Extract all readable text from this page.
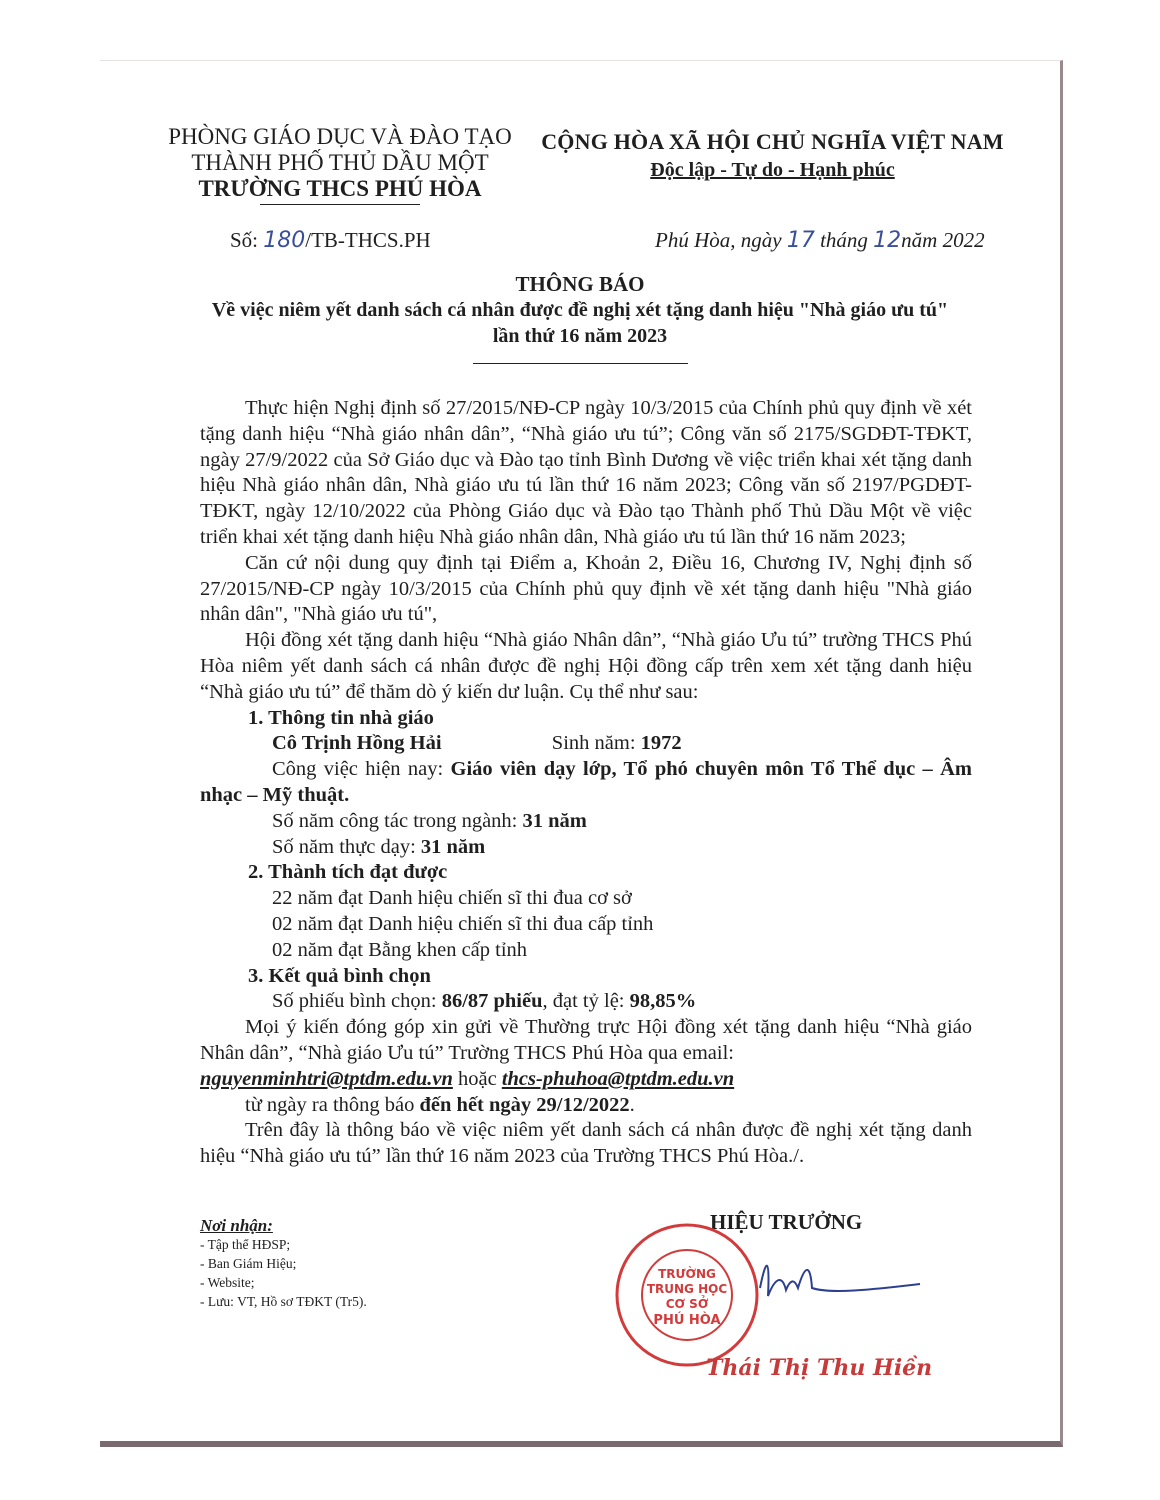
PHÒNG GIÁO DỤC VÀ ĐÀO TẠO
THÀNH PHỐ THỦ DẦU MỘT
TRƯỜNG THCS PHÚ HÒA
CỘNG HÒA XÃ HỘI CHỦ NGHĨA VIỆT NAM
Độc lập - Tự do - Hạnh phúc
Số: 180/TB-THCS.PH	Phú Hòa, ngày 17 tháng 12năm 2022
THÔNG BÁO
Về việc niêm yết danh sách cá nhân được đề nghị xét tặng danh hiệu "Nhà giáo ưu tú"
lần thứ 16 năm 2023

Thực hiện Nghị định số 27/2015/NĐ-CP ngày 10/3/2015 của Chính phủ quy định về xét tặng danh hiệu “Nhà giáo nhân dân”, “Nhà giáo ưu tú”; Công văn số 2175/SGDĐT-TĐKT, ngày 27/9/2022 của Sở Giáo dục và Đào tạo tỉnh Bình Dương về việc triển khai xét tặng danh hiệu Nhà giáo nhân dân, Nhà giáo ưu tú lần thứ 16 năm 2023; Công văn số 2197/PGDĐT-TĐKT, ngày 12/10/2022 của Phòng Giáo dục và Đào tạo Thành phố Thủ Dầu Một về việc triển khai xét tặng danh hiệu Nhà giáo nhân dân, Nhà giáo ưu tú lần thứ 16 năm 2023;

Căn cứ nội dung quy định tại Điểm a, Khoản 2, Điều 16, Chương IV, Nghị định số 27/2015/NĐ-CP ngày 10/3/2015 của Chính phủ quy định về xét tặng danh hiệu "Nhà giáo nhân dân", "Nhà giáo ưu tú",

Hội đồng xét tặng danh hiệu “Nhà giáo Nhân dân”, “Nhà giáo Ưu tú” trường THCS Phú Hòa niêm yết danh sách cá nhân được đề nghị Hội đồng cấp trên xem xét tặng danh hiệu “Nhà giáo ưu tú” để thăm dò ý kiến dư luận. Cụ thể như sau:

1. Thông tin nhà giáo

Cô Trịnh Hồng Hải	Sinh năm: 1972

Công việc hiện nay: Giáo viên dạy lớp, Tổ phó chuyên môn Tổ Thể dục – Âm nhạc – Mỹ thuật.

Số năm công tác trong ngành: 31 năm

Số năm thực dạy: 31 năm

2. Thành tích đạt được

22 năm đạt Danh hiệu chiến sĩ thi đua cơ sở

02 năm đạt Danh hiệu chiến sĩ thi đua cấp tỉnh

02 năm đạt Bằng khen cấp tỉnh

3. Kết quả bình chọn

Số phiếu bình chọn: 86/87 phiếu, đạt tỷ lệ: 98,85%

Mọi ý kiến đóng góp xin gửi về Thường trực Hội đồng xét tặng danh hiệu “Nhà giáo Nhân dân”, “Nhà giáo Ưu tú” Trường THCS Phú Hòa qua email:

nguyenminhtri@tptdm.edu.vn hoặc thcs-phuhoa@tptdm.edu.vn

từ ngày ra thông báo đến hết ngày 29/12/2022.

Trên đây là thông báo về việc niêm yết danh sách cá nhân được đề nghị xét tặng danh hiệu “Nhà giáo ưu tú” lần thứ 16 năm 2023 của Trường THCS Phú Hòa./.

Nơi nhận:
- Tập thể HĐSP;
- Ban Giám Hiệu;
- Website;
- Lưu: VT, Hồ sơ TĐKT (Tr5).
HIỆU TRƯỞNG
TRƯỜNG
TRUNG HỌC
CƠ SỞ
PHÚ HÒA
Thái Thị Thu Hiền
